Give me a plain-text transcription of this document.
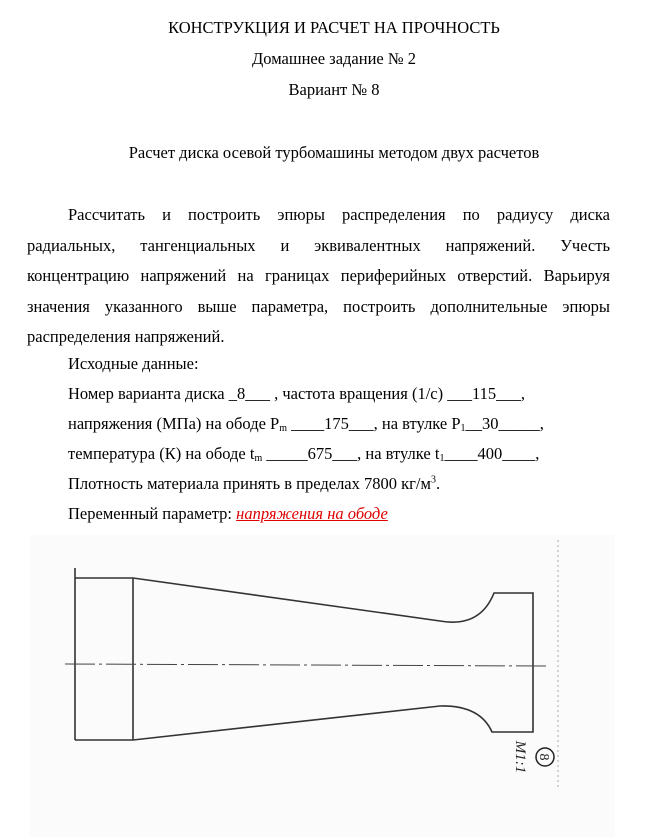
КОНСТРУКЦИЯ И РАСЧЕТ НА ПРОЧНОСТЬ
Домашнее задание № 2
Вариант № 8
Расчет диска осевой турбомашины методом двух расчетов
Рассчитать и построить эпюры распределения по радиусу диска радиальных, тангенциальных и эквивалентных напряжений. Учесть концентрацию напряжений на границах периферийных отверстий. Варьируя значения указанного выше параметра, построить дополнительные эпюры распределения напряжений.
Исходные данные:
Номер варианта диска _8___ , частота вращения (1/с) ___115___,
напряжения (МПа) на ободе $P_m$ ____175___, на втулке $P_1\_\_30\_\_\_\_\_$,
температура (К) на ободе $t_m$ _____675___, на втулке $t_1\_\_\_\_400\_\_\_\_$,
Плотность материала принять в пределах 7800 $кг/м^3$.
Переменный параметр: напряжения на ободе
М1:1 8
